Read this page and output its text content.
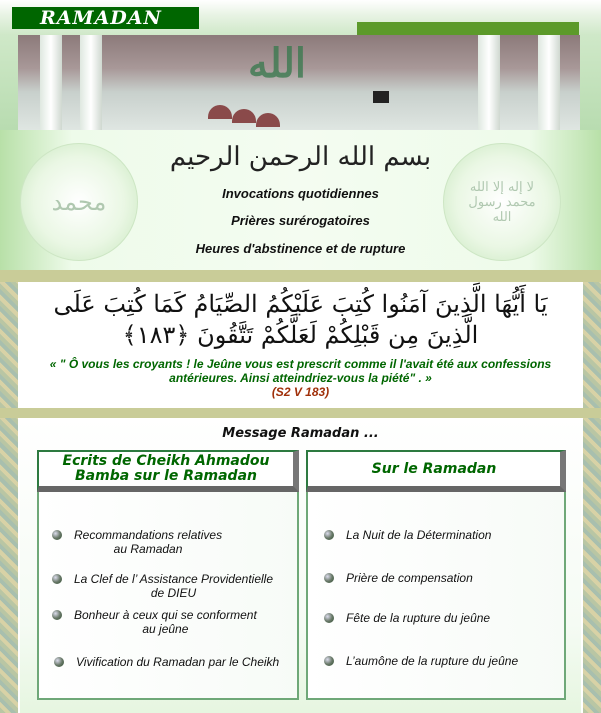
RAMADAN
الله
محمد
لا إله إلا الله محمد رسول الله
بسم الله الرحمن الرحيم
Invocations quotidiennes
Prières surérogatoires
Heures d'abstinence et de rupture
يَا أَيُّهَا الَّذِينَ آمَنُوا كُتِبَ عَلَيْكُمُ الصِّيَامُ كَمَا كُتِبَ عَلَى الَّذِينَ مِن قَبْلِكُمْ لَعَلَّكُمْ تَتَّقُونَ ﴿١٨٣﴾
« " Ô vous les croyants ! le Jeûne vous est prescrit comme il l'avait été aux confessions
antérieures. Ainsi atteindriez-vous la piété" . »
(S2 V 183)
Message Ramadan ...
Ecrits de Cheikh Ahmadou
Bamba sur le Ramadan	Sur le Ramadan
Recommandations relatives
au Ramadan
La Clef de l’ Assistance Providentielle
de DIEU
Bonheur à ceux qui se conforment
au jeûne
Vivification du Ramadan par le Cheikh
La Nuit de la Détermination
Prière de compensation
Fête de la rupture du jeûne
L’aumône de la rupture du jeûne
